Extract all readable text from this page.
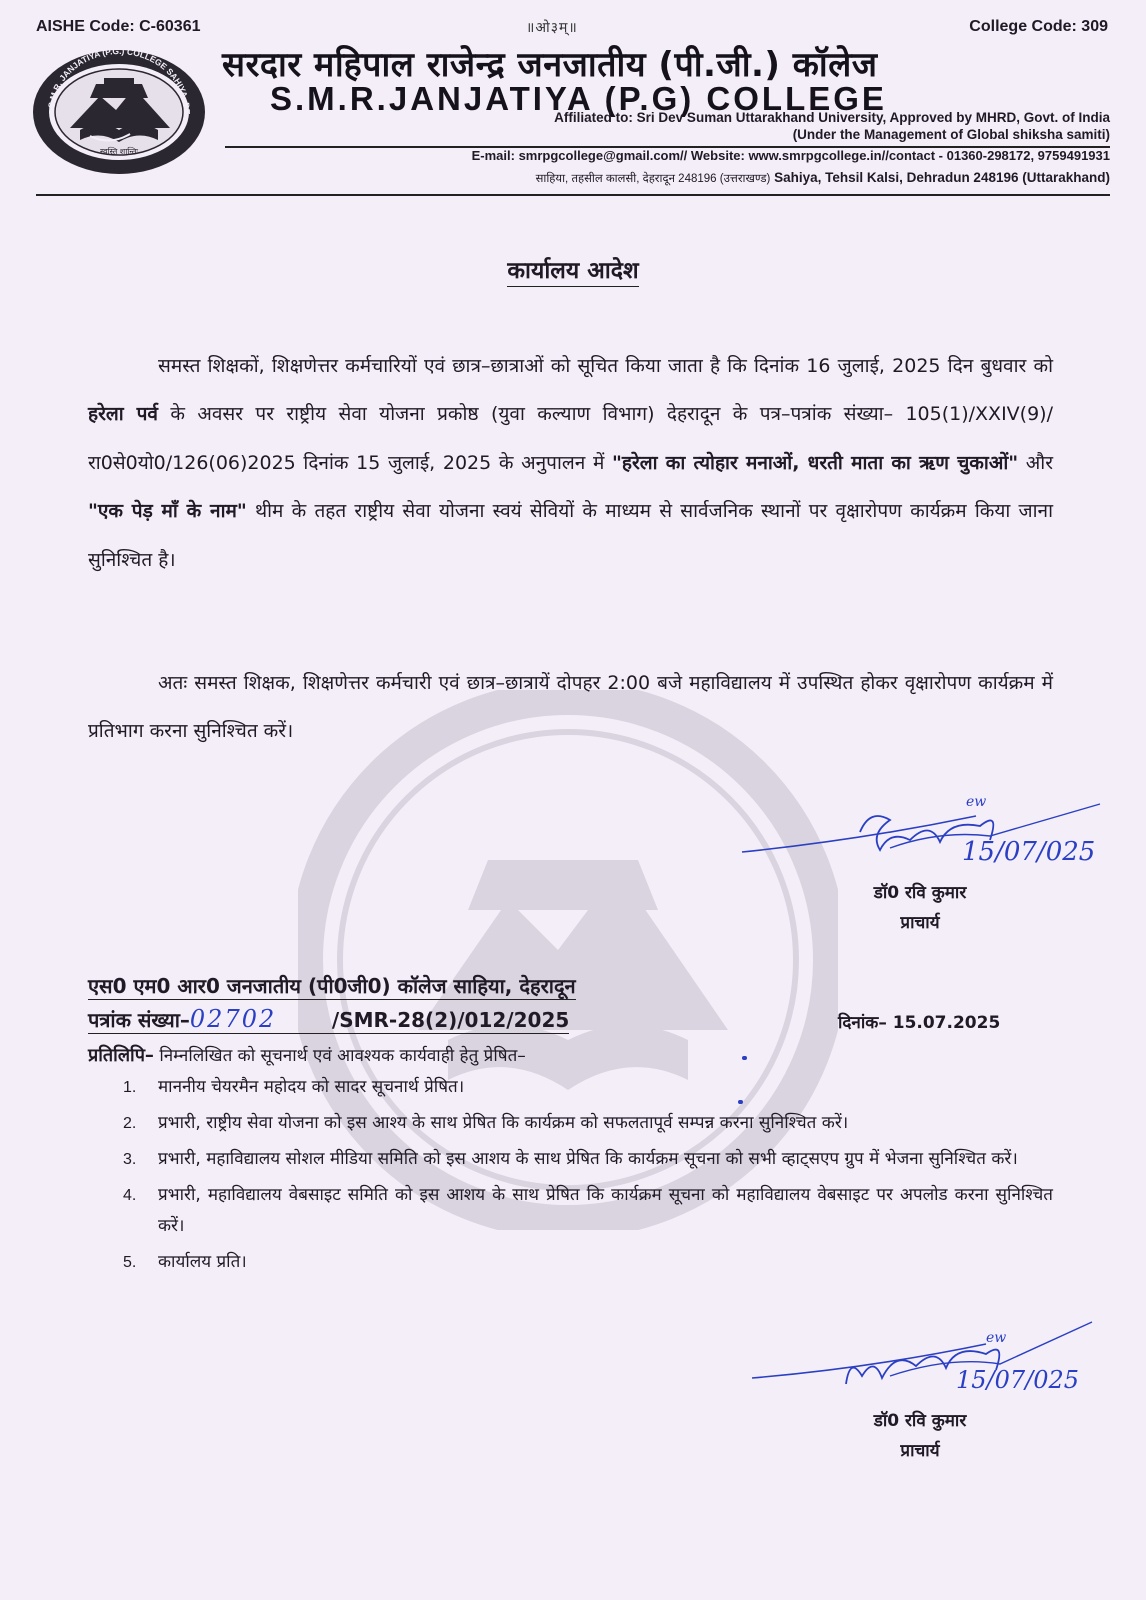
AISHE Code: C-60361	॥ओ३म्॥	College Code: 309
S.M.R. JANJATIYA (P.G.) COLLEGE SAHIYA, DE
स्वस्ति शान्तिः
सरदार महिपाल राजेन्द्र जनजातीय (पी.जी.) कॉलेज
S.M.R.JANJATIYA (P.G) COLLEGE
Affiliated to: Sri Dev Suman Uttarakhand University, Approved by MHRD, Govt. of India
(Under the Management of Global shiksha samiti)
E-mail: smrpgcollege@gmail.com// Website: www.smrpgcollege.in//contact - 01360-298172, 9759491931
साहिया, तहसील कालसी, देहरादून 248196 (उत्तराखण्ड) Sahiya, Tehsil Kalsi, Dehradun 248196 (Uttarakhand)
कार्यालय आदेश
समस्त शिक्षकों, शिक्षणेत्तर कर्मचारियों एवं छात्र–छात्राओं को सूचित किया जाता है कि दिनांक 16 जुलाई, 2025 दिन बुधवार को हरेला पर्व के अवसर पर राष्ट्रीय सेवा योजना प्रकोष्ठ (युवा कल्याण विभाग) देहरादून के पत्र–पत्रांक संख्या– 105(1)/XXIV(9)/रा0से0यो0/126(06)2025 दिनांक 15 जुलाई, 2025 के अनुपालन में "हरेला का त्योहार मनाओं, धरती माता का ऋण चुकाओं" और "एक पेड़ माँ के नाम" थीम के तहत राष्ट्रीय सेवा योजना स्वयं सेवियों के माध्यम से सार्वजनिक स्थानों पर वृक्षारोपण कार्यक्रम किया जाना सुनिश्चित है।
अतः समस्त शिक्षक, शिक्षणेत्तर कर्मचारी एवं छात्र–छात्रायें दोपहर 2:00 बजे महाविद्यालय में उपस्थित होकर वृक्षारोपण कार्यक्रम में प्रतिभाग करना सुनिश्चित करें।
ew
15/07/025
डॉ0 रवि कुमार
प्राचार्य
एस0 एम0 आर0 जनजातीय (पी0जी0) कॉलेज साहिया, देहरादून
पत्रांक संख्या–02702	/SMR-28(2)/012/2025	दिनांक– 15.07.2025
प्रतिलिपि– निम्नलिखित को सूचनार्थ एवं आवश्यक कार्यवाही हेतु प्रेषित–
1. माननीय चेयरमैन महोदय को सादर सूचनार्थ प्रेषित।
2. प्रभारी, राष्ट्रीय सेवा योजना को इस आश्य के साथ प्रेषित कि कार्यक्रम को सफलतापूर्व सम्पन्न करना सुनिश्चित करें।
3. प्रभारी, महाविद्यालय सोशल मीडिया समिति को इस आशय के साथ प्रेषित कि कार्यक्रम सूचना को सभी व्हाट्सएप ग्रुप में भेजना सुनिश्चित करें।
4. प्रभारी, महाविद्यालय वेबसाइट समिति को इस आशय के साथ प्रेषित कि कार्यक्रम सूचना को महाविद्यालय वेबसाइट पर अपलोड करना सुनिश्चित करें।
5. कार्यालय प्रति।
ew
15/07/025
डॉ0 रवि कुमार
प्राचार्य
